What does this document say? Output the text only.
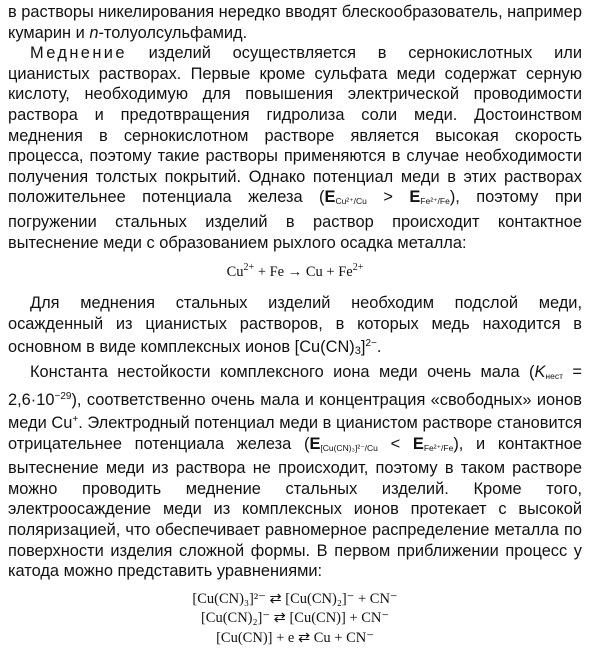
в растворы никелирования нередко вводят блескообразователь, например кумарин и n-толуолсульфамид.

Меднение изделий осуществляется в сернокислотных или цианистых растворах. Первые кроме сульфата меди содержат серную кислоту, необходимую для повышения электрической проводимости раствора и предотвращения гидролиза соли меди. Достоинством меднения в сернокислотном растворе является высокая скорость процесса, поэтому такие растворы применяются в случае необходимости получения толстых покрытий. Однако потенциал меди в этих растворах положительнее потенциала железа $(E_{Cu^{2+}/Cu} > E_{Fe^{2+}/Fe})$, поэтому при погружении стальных изделий в раствор происходит контактное вытеснение меди с образованием рыхлого осадка металла:

$Cu^{2+} + Fe \to Cu + Fe^{2+}$

Для меднения стальных изделий необходим подслой меди, осажденный из цианистых растворов, в которых медь находится в основном в виде комплексных ионов $[Cu(CN)3]^{2-}$.

Константа нестойкости комплексного иона меди очень мала $(K_{нест} = 2,6\cdot 10^{-29})$, соответственно очень мала и концентрация «свободных» ионов меди Cu+. Электродный потенциал меди в цианистом растворе становится отрицательнее потенциала железа $(E_{[Cu(CN)_3]^{2-}/Cu} < E_{Fe^{2+}/Fe})$, и контактное вытеснение меди из раствора не происходит, поэтому в таком растворе можно проводить меднение стальных изделий. Кроме того, электроосаждение меди из комплексных ионов протекает с высокой поляризацией, что обеспечивает равномерное распределение металла по поверхности изделия сложной формы. В первом приближении процесс у катода можно представить уравнениями:

[Cu(CN)₃]²⁻ ⇄ [Cu(CN)₂]⁻ + CN⁻
[Cu(CN)₂]⁻ ⇄ [Cu(CN)] + CN⁻
[Cu(CN)] + e ⇄ Cu + CN⁻
